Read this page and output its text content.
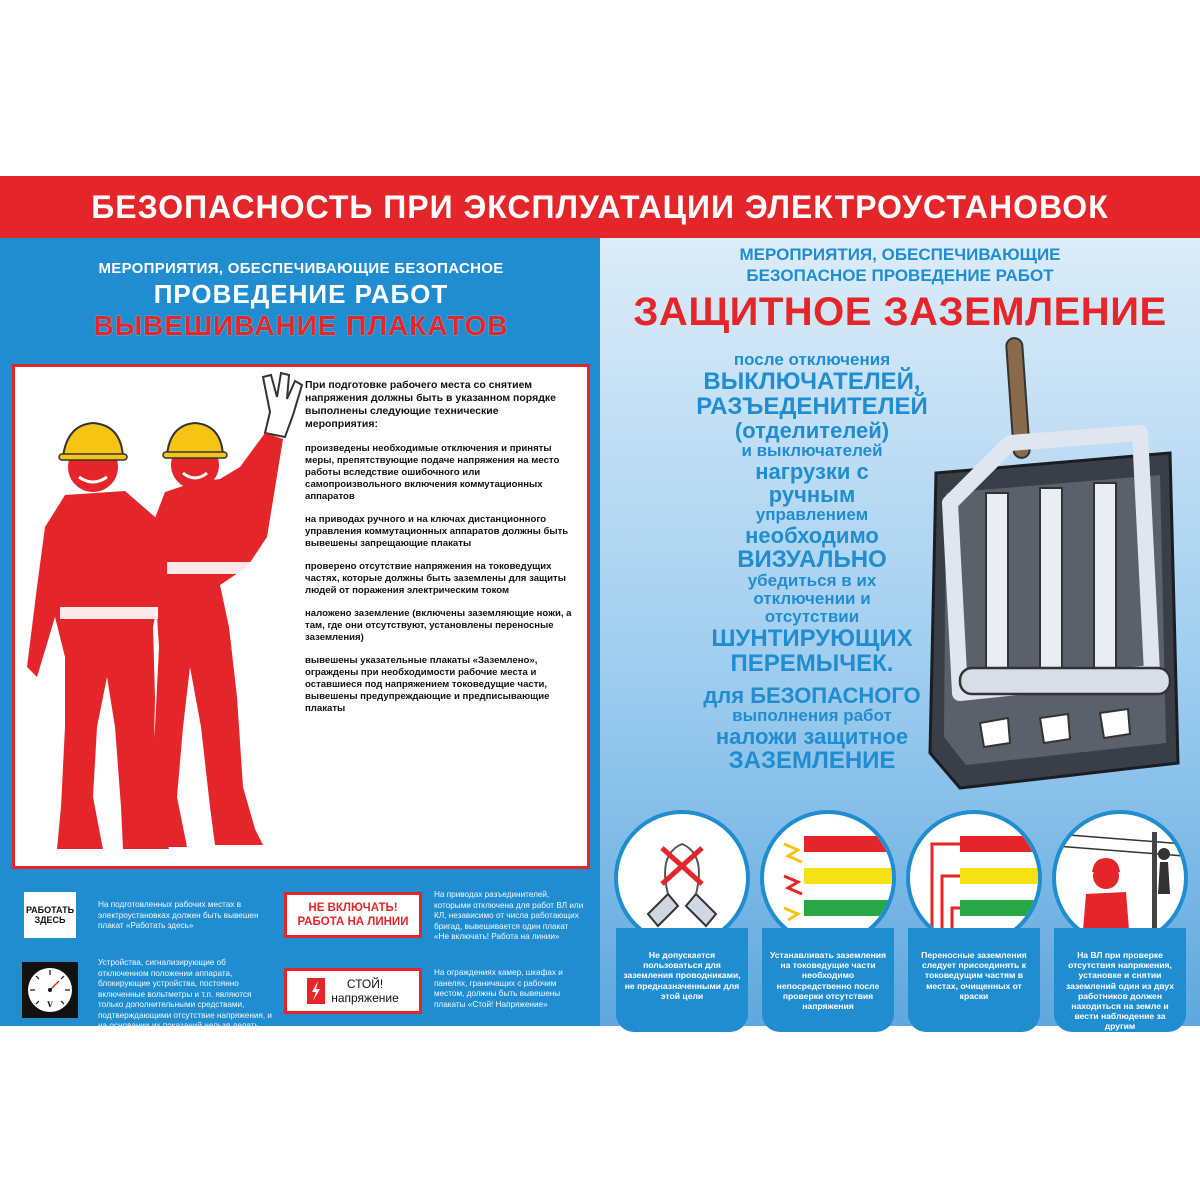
БЕЗОПАСНОСТЬ ПРИ ЭКСПЛУАТАЦИИ ЭЛЕКТРОУСТАНОВОК
МЕРОПРИЯТИЯ, ОБЕСПЕЧИВАЮЩИЕ БЕЗОПАСНОЕ
ПРОВЕДЕНИЕ РАБОТ
ВЫВЕШИВАНИЕ ПЛАКАТОВ

При подготовке рабочего места со снятием напряжения должны быть в указанном порядке выполнены следующие технические мероприятия:

произведены необходимые отключения и приняты меры, препятствующие подаче напряжения на место работы вследствие ошибочного или самопроизвольного включения коммутационных аппаратов

на приводах ручного и на ключах дистанционного управления коммутационных аппаратов должны быть вывешены запрещающие плакаты

проверено отсутствие напряжения на токоведущих частях, которые должны быть заземлены для защиты людей от поражения электрическим током

наложено заземление (включены заземляющие ножи, а там, где они отсутствуют, установлены переносные заземления)

вывешены указательные плакаты «Заземлено», ограждены при необходимости рабочие места и оставшиеся под напряжением токоведущие части, вывешены предупреждающие и предписывающие плакаты

РАБОТАТЬ ЗДЕСЬ
На подготовленных рабочих местах в электроустановках должен быть вывешен плакат «Работать здесь»
НЕ ВКЛЮЧАТЬ!
РАБОТА НА ЛИНИИ
На приводах разъединителей, которыми отключена для работ ВЛ или КЛ, независимо от числа работающих бригад, вывешивается один плакат «Не включать! Работа на линии»
V
Устройства, сигнализирующие об отключенном положении аппарата, блокирующие устройства, постоянно включенные вольтметры и т.п. являются только дополнительными средствами, подтверждающими отсутствие напряжения, и на основании их показаний нельзя делать заключение об отсутствии напряжения
СТОЙ!
напряжение
На ограждениях камер, шкафах и панелях, граничащих с рабочим местом, должны быть вывешены плакаты «Стой! Напряжение»
МЕРОПРИЯТИЯ, ОБЕСПЕЧИВАЮЩИЕ
БЕЗОПАСНОЕ ПРОВЕДЕНИЕ РАБОТ
ЗАЩИТНОЕ ЗАЗЕМЛЕНИЕ
после отключения
ВЫКЛЮЧАТЕЛЕЙ,
РАЗЪЕДЕНИТЕЛЕЙ
(отделителей)
и выключателей
нагрузки с
ручным
управлением
необходимо
ВИЗУАЛЬНО
убедиться в их
отключении и
отсутствии
ШУНТИРУЮЩИХ
ПЕРЕМЫЧЕК.
для БЕЗОПАСНОГО
выполнения работ
наложи защитное
ЗАЗЕМЛЕНИЕ
Не допускается пользоваться для заземления проводниками, не предназначенными для этой цели
Устанавливать заземления на токоведущие части необходимо непосредственно после проверки отсутствия напряжения
Переносные заземления следует присоединять к токоведущим частям в местах, очищенных от краски
На ВЛ при проверке отсутствия напряжения, установке и снятии заземлений один из двух работников должен находиться на земле и вести наблюдение за другим
